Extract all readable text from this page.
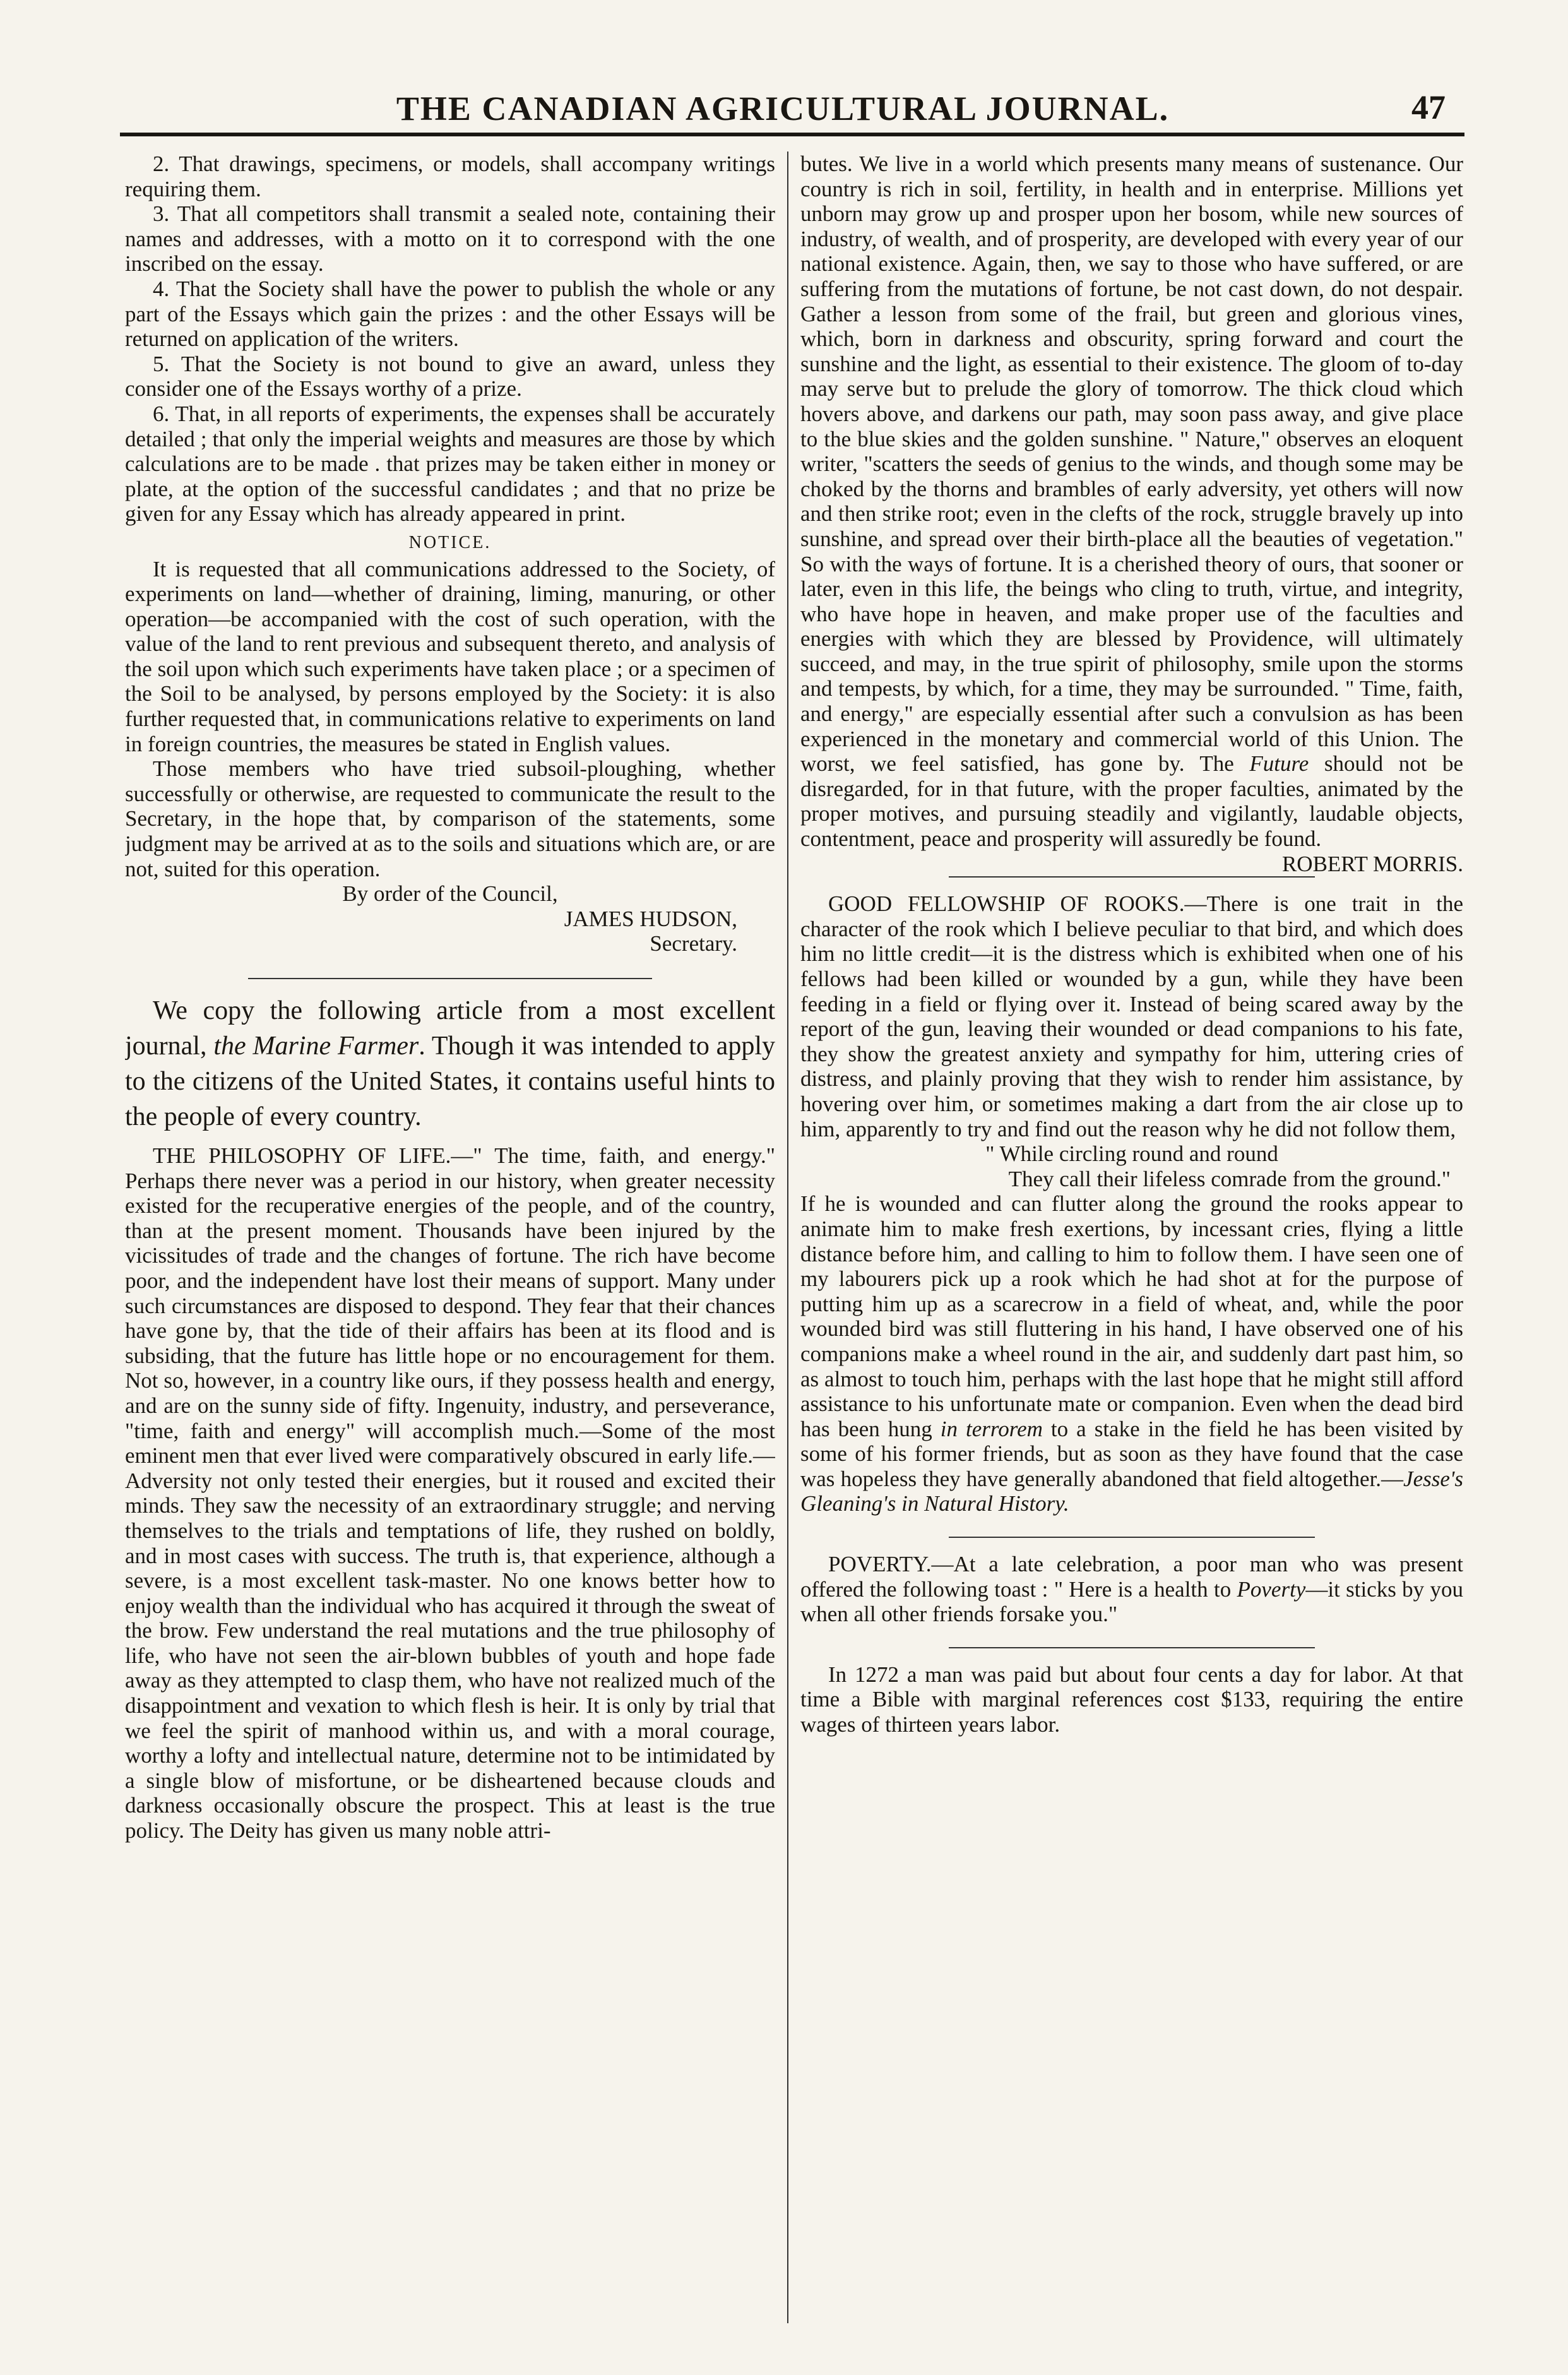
THE CANADIAN AGRICULTURAL JOURNAL.	47

2. That drawings, specimens, or models, shall accompany writings requiring them.

3. That all competitors shall transmit a sealed note, containing their names and addresses, with a motto on it to correspond with the one inscribed on the essay.

4. That the Society shall have the power to publish the whole or any part of the Essays which gain the prizes : and the other Essays will be returned on application of the writers.

5. That the Society is not bound to give an award, unless they consider one of the Essays worthy of a prize.

6. That, in all reports of experiments, the expenses shall be accurately detailed ; that only the imperial weights and measures are those by which calculations are to be made . that prizes may be taken either in money or plate, at the option of the successful candidates ; and that no prize be given for any Essay which has already appeared in print.

NOTICE.

It is requested that all communications addressed to the Society, of experiments on land—whether of draining, liming, manuring, or other operation—be accompanied with the cost of such operation, with the value of the land to rent previous and subsequent thereto, and analysis of the soil upon which such experiments have taken place ; or a specimen of the Soil to be analysed, by persons employed by the Society: it is also further requested that, in communications relative to experiments on land in foreign countries, the measures be stated in English values.

Those members who have tried subsoil-ploughing, whether successfully or otherwise, are requested to communicate the result to the Secretary, in the hope that, by comparison of the statements, some judgment may be arrived at as to the soils and situations which are, or are not, suited for this operation.

By order of the Council,

JAMES HUDSON,

Secretary.

We copy the following article from a most excellent journal, the Marine Farmer. Though it was intended to apply to the citizens of the United States, it contains useful hints to the people of every country.

THE PHILOSOPHY OF LIFE.—" The time, faith, and energy." Perhaps there never was a period in our history, when greater necessity existed for the recuperative energies of the people, and of the country, than at the present moment. Thousands have been injured by the vicissitudes of trade and the changes of fortune. The rich have become poor, and the independent have lost their means of support. Many under such circumstances are disposed to despond. They fear that their chances have gone by, that the tide of their affairs has been at its flood and is subsiding, that the future has little hope or no encouragement for them. Not so, however, in a country like ours, if they possess health and energy, and are on the sunny side of fifty. Ingenuity, industry, and perseverance, "time, faith and energy" will accomplish much.—Some of the most eminent men that ever lived were comparatively obscured in early life.—Adversity not only tested their energies, but it roused and excited their minds. They saw the necessity of an extraordinary struggle; and nerving themselves to the trials and temptations of life, they rushed on boldly, and in most cases with success. The truth is, that experience, although a severe, is a most excellent task-master. No one knows better how to enjoy wealth than the individual who has acquired it through the sweat of the brow. Few understand the real mutations and the true philosophy of life, who have not seen the air-blown bubbles of youth and hope fade away as they attempted to clasp them, who have not realized much of the disappointment and vexation to which flesh is heir. It is only by trial that we feel the spirit of manhood within us, and with a moral courage, worthy a lofty and intellectual nature, determine not to be intimidated by a single blow of misfortune, or be disheartened because clouds and darkness occasionally obscure the prospect. This at least is the true policy. The Deity has given us many noble attri-

butes. We live in a world which presents many means of sustenance. Our country is rich in soil, fertility, in health and in enterprise. Millions yet unborn may grow up and prosper upon her bosom, while new sources of industry, of wealth, and of prosperity, are developed with every year of our national existence. Again, then, we say to those who have suffered, or are suffering from the mutations of fortune, be not cast down, do not despair. Gather a lesson from some of the frail, but green and glorious vines, which, born in darkness and obscurity, spring forward and court the sunshine and the light, as essential to their existence. The gloom of to-day may serve but to prelude the glory of tomorrow. The thick cloud which hovers above, and darkens our path, may soon pass away, and give place to the blue skies and the golden sunshine. " Nature," observes an eloquent writer, "scatters the seeds of genius to the winds, and though some may be choked by the thorns and brambles of early adversity, yet others will now and then strike root; even in the clefts of the rock, struggle bravely up into sunshine, and spread over their birth-place all the beauties of vegetation." So with the ways of fortune. It is a cherished theory of ours, that sooner or later, even in this life, the beings who cling to truth, virtue, and integrity, who have hope in heaven, and make proper use of the faculties and energies with which they are blessed by Providence, will ultimately succeed, and may, in the true spirit of philosophy, smile upon the storms and tempests, by which, for a time, they may be surrounded. " Time, faith, and energy," are especially essential after such a convulsion as has been experienced in the monetary and commercial world of this Union. The worst, we feel satisfied, has gone by. The Future should not be disregarded, for in that future, with the proper faculties, animated by the proper motives, and pursuing steadily and vigilantly, laudable objects, contentment, peace and prosperity will assuredly be found.
ROBERT MORRIS.

GOOD FELLOWSHIP OF ROOKS.—There is one trait in the character of the rook which I believe peculiar to that bird, and which does him no little credit—it is the distress which is exhibited when one of his fellows had been killed or wounded by a gun, while they have been feeding in a field or flying over it. Instead of being scared away by the report of the gun, leaving their wounded or dead companions to his fate, they show the greatest anxiety and sympathy for him, uttering cries of distress, and plainly proving that they wish to render him assistance, by hovering over him, or sometimes making a dart from the air close up to him, apparently to try and find out the reason why he did not follow them,

" While circling round and round

They call their lifeless comrade from the ground."

If he is wounded and can flutter along the ground the rooks appear to animate him to make fresh exertions, by incessant cries, flying a little distance before him, and calling to him to follow them. I have seen one of my labourers pick up a rook which he had shot at for the purpose of putting him up as a scarecrow in a field of wheat, and, while the poor wounded bird was still fluttering in his hand, I have observed one of his companions make a wheel round in the air, and suddenly dart past him, so as almost to touch him, perhaps with the last hope that he might still afford assistance to his unfortunate mate or companion. Even when the dead bird has been hung in terrorem to a stake in the field he has been visited by some of his former friends, but as soon as they have found that the case was hopeless they have generally abandoned that field altogether.—Jesse's Gleaning's in Natural History.

POVERTY.—At a late celebration, a poor man who was present offered the following toast : " Here is a health to Poverty—it sticks by you when all other friends forsake you."

In 1272 a man was paid but about four cents a day for labor. At that time a Bible with marginal references cost $133, requiring the entire wages of thirteen years labor.
